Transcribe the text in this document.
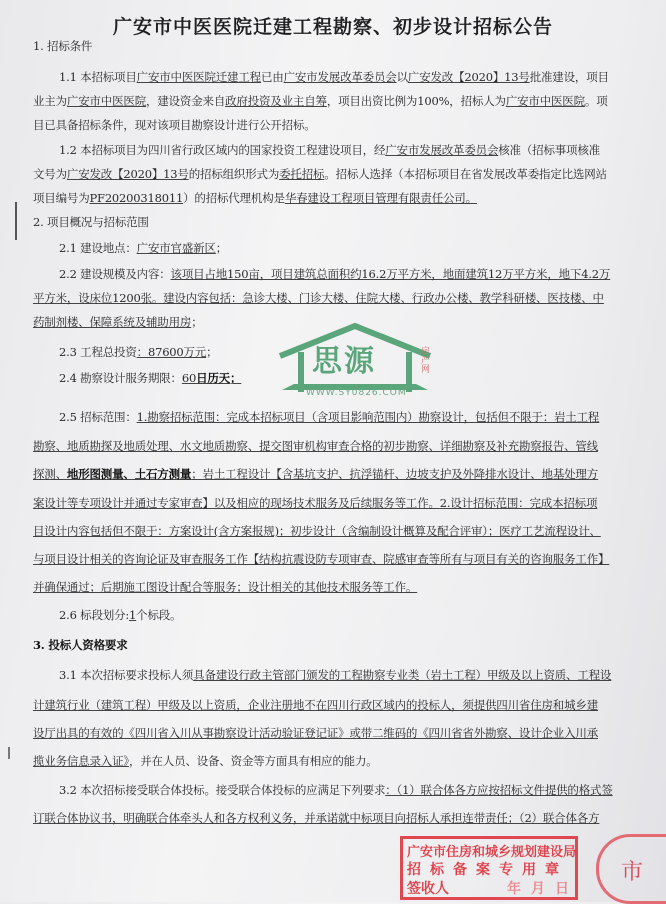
广安市中医医院迁建工程勘察、初步设计招标公告
思源	房产网
WWW.SY0826.COM
1. 招标条件
1.1 本招标项目广安市中医医院迁建工程已由广安市发展改革委员会以广安发改【2020】13号批准建设，项目
业主为广安市中医医院，建设资金来自政府投资及业主自筹，项目出资比例为100%，招标人为广安市中医医院。项
目已具备招标条件，现对该项目勘察设计进行公开招标。
1.2 本招标项目为四川省行政区域内的国家投资工程建设项目，经广安市发展改革委员会核准（招标事项核准
文号为广安发改【2020】13号的招标组织形式为委托招标。招标人选择（本招标项目在省发展改革委指定比选网站
项目编号为PF20200318011）的招标代理机构是华春建设工程项目管理有限责任公司。
2. 项目概况与招标范围
2.1 建设地点：广安市官盛新区；
2.2 建设规模及内容：该项目占地150亩，项目建筑总面积约16.2万平方米，地面建筑12万平方米，地下4.2万
平方米，设床位1200张。建设内容包括：急诊大楼、门诊大楼、住院大楼、行政办公楼、教学科研楼、医技楼、中
药制剂楼、保障系统及辅助用房；
2.3 工程总投资：87600万元；
2.4 勘察设计服务期限：60日历天；
2.5 招标范围：1.勘察招标范围：完成本招标项目（含项目影响范围内）勘察设计，包括但不限于：岩土工程
勘察、地质勘探及地质处理、水文地质勘察、提交图审机构审查合格的初步勘察、详细勘察及补充勘察报告、管线
探测、地形图测量、土石方测量；岩土工程设计【含基坑支护、抗浮锚杆、边坡支护及外降排水设计、地基处理方
案设计等专项设计并通过专家审查】以及相应的现场技术服务及后续服务等工作。2.设计招标范围：完成本招标项
目设计内容包括但不限于：方案设计(含方案报规)；初步设计（含编制设计概算及配合评审）；医疗工艺流程设计、
与项目设计相关的咨询论证及审查服务工作【结构抗震设防专项审查、院感审查等所有与项目有关的咨询服务工作】
并确保通过；后期施工图设计配合等服务；设计相关的其他技术服务等工作。
2.6 标段划分:1个标段。
3. 投标人资格要求
3.1 本次招标要求投标人须具备建设行政主管部门颁发的工程勘察专业类（岩土工程）甲级及以上资质、工程设
计建筑行业（建筑工程）甲级及以上资质，企业注册地不在四川行政区域内的投标人，须提供四川省住房和城乡建
设厅出具的有效的《四川省入川从事勘察设计活动验证登记证》或带二维码的《四川省省外勘察、设计企业入川承
揽业务信息录入证》，并在人员、设备、资金等方面具有相应的能力。
3.2 本次招标接受联合体投标。接受联合体投标的应满足下列要求：（1）联合体各方应按招标文件提供的格式签
订联合体协议书，明确联合体牵头人和各方权利义务，并承诺就中标项目向招标人承担连带责任；（2）联合体各方
广安市住房和城乡规划建设局
招标备案专用章
签收人	年月日
市
